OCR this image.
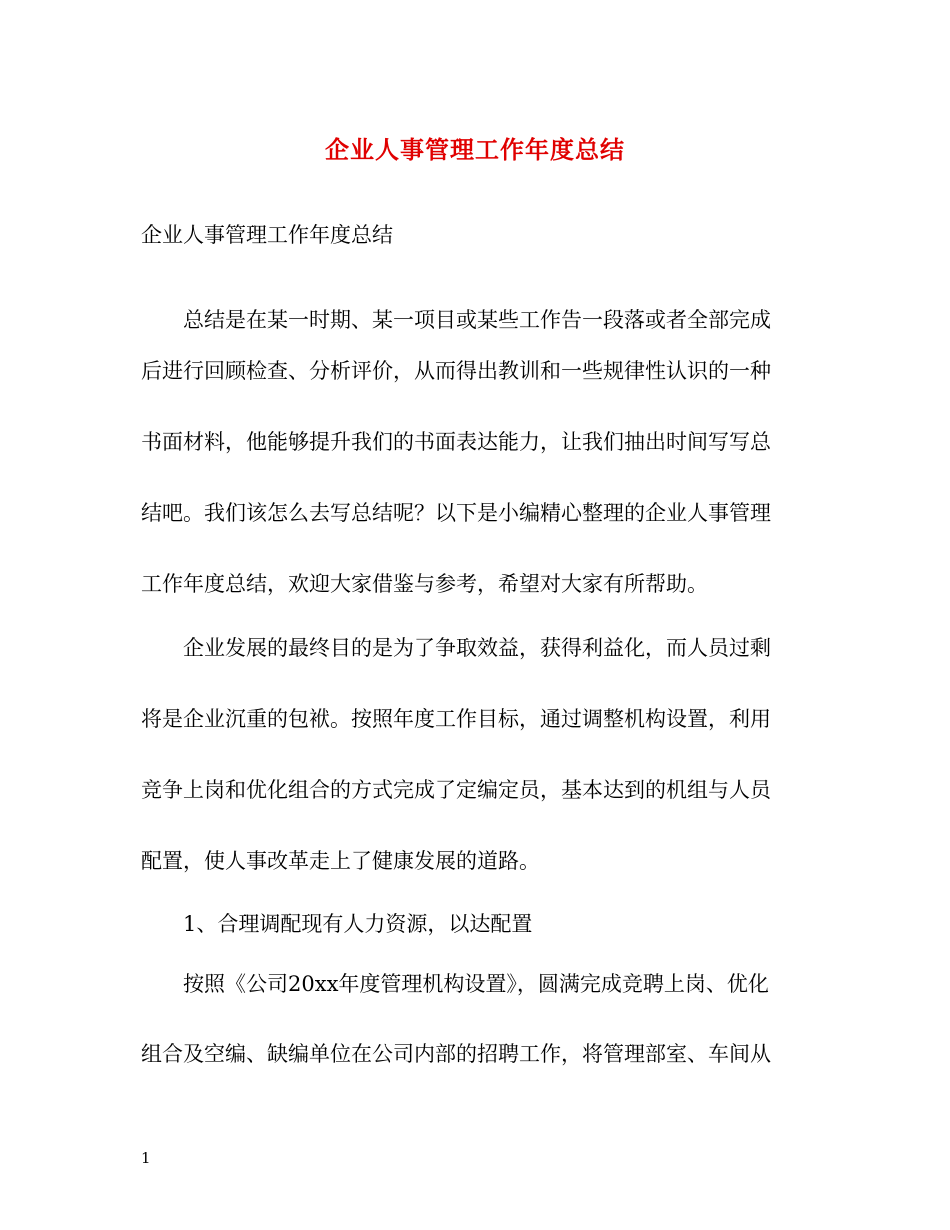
企业人事管理工作年度总结
企业人事管理工作年度总结
总结是在某一时期、某一项目或某些工作告一段落或者全部完成
后进行回顾检查、分析评价，从而得出教训和一些规律性认识的一种
书面材料，他能够提升我们的书面表达能力，让我们抽出时间写写总
结吧。我们该怎么去写总结呢？以下是小编精心整理的企业人事管理
工作年度总结，欢迎大家借鉴与参考，希望对大家有所帮助。
企业发展的最终目的是为了争取效益，获得利益化，而人员过剩
将是企业沉重的包袱。按照年度工作目标，通过调整机构设置，利用
竞争上岗和优化组合的方式完成了定编定员，基本达到的机组与人员
配置，使人事改革走上了健康发展的道路。
1、合理调配现有人力资源，以达配置
按照《公司20xx年度管理机构设置》，圆满完成竞聘上岗、优化
组合及空编、缺编单位在公司内部的招聘工作，将管理部室、车间从
1
